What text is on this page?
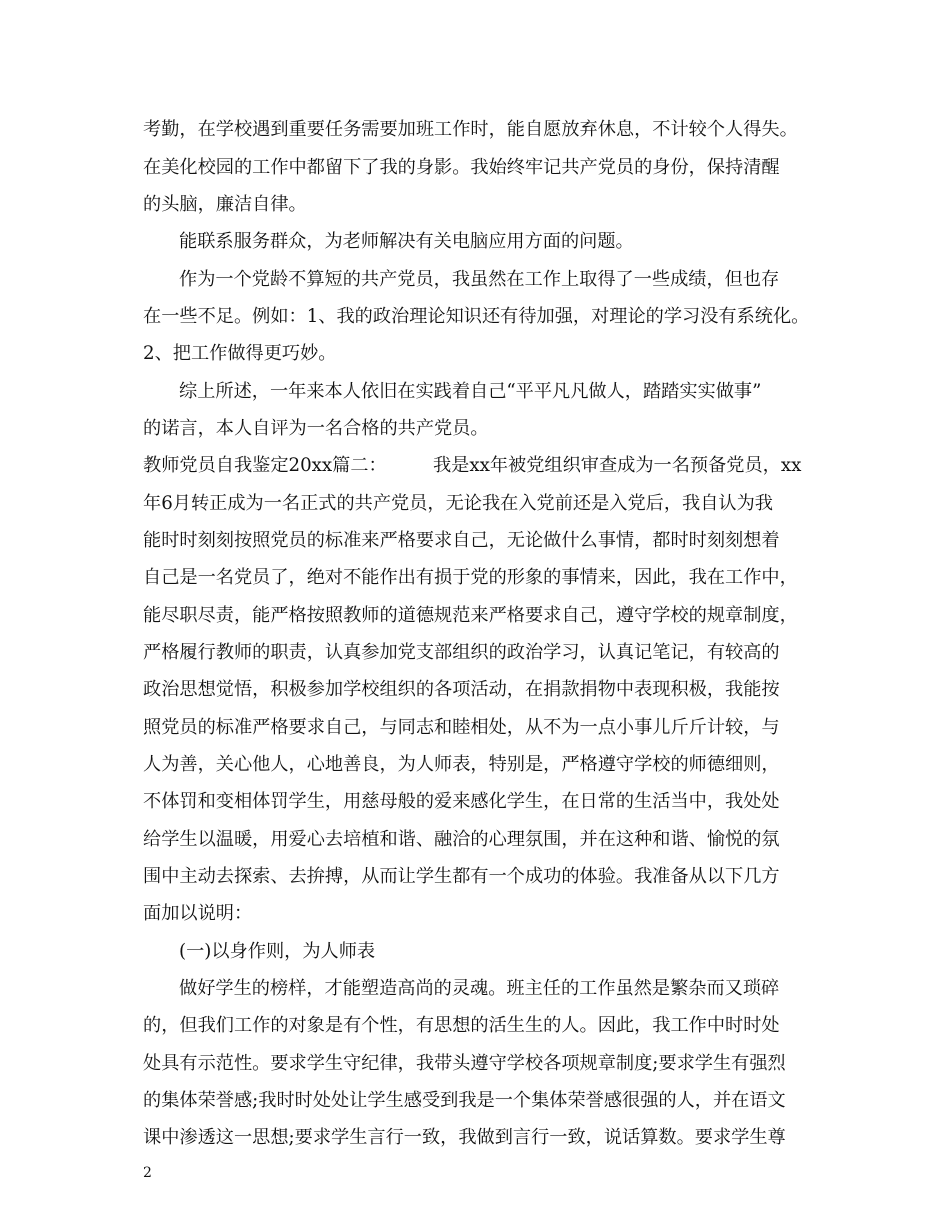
考勤，在学校遇到重要任务需要加班工作时，能自愿放弃休息，不计较个人得失。
在美化校园的工作中都留下了我的身影。我始终牢记共产党员的身份，保持清醒
的头脑，廉洁自律。
能联系服务群众，为老师解决有关电脑应用方面的问题。
作为一个党龄不算短的共产党员，我虽然在工作上取得了一些成绩，但也存
在一些不足。例如：1、我的政治理论知识还有待加强，对理论的学习没有系统化。
2、把工作做得更巧妙。
综上所述，一年来本人依旧在实践着自己“平平凡凡做人，踏踏实实做事”
的诺言，本人自评为一名合格的共产党员。
教师党员自我鉴定20xx篇二：        我是xx年被党组织审查成为一名预备党员，xx
年6月转正成为一名正式的共产党员，无论我在入党前还是入党后，我自认为我
能时时刻刻按照党员的标准来严格要求自己，无论做什么事情，都时时刻刻想着
自己是一名党员了，绝对不能作出有损于党的形象的事情来，因此，我在工作中，
能尽职尽责，能严格按照教师的道德规范来严格要求自己，遵守学校的规章制度，
严格履行教师的职责，认真参加党支部组织的政治学习，认真记笔记，有较高的
政治思想觉悟，积极参加学校组织的各项活动，在捐款捐物中表现积极，我能按
照党员的标准严格要求自己，与同志和睦相处，从不为一点小事儿斤斤计较，与
人为善，关心他人，心地善良，为人师表，特别是，严格遵守学校的师德细则，
不体罚和变相体罚学生，用慈母般的爱来感化学生，在日常的生活当中，我处处
给学生以温暖，用爱心去培植和谐、融洽的心理氛围，并在这种和谐、愉悦的氛
围中主动去探索、去拚搏，从而让学生都有一个成功的体验。我准备从以下几方
面加以说明：
(一)以身作则，为人师表
做好学生的榜样，才能塑造高尚的灵魂。班主任的工作虽然是繁杂而又琐碎
的，但我们工作的对象是有个性，有思想的活生生的人。因此，我工作中时时处
处具有示范性。要求学生守纪律，我带头遵守学校各项规章制度;要求学生有强烈
的集体荣誉感;我时时处处让学生感受到我是一个集体荣誉感很强的人，并在语文
课中渗透这一思想;要求学生言行一致，我做到言行一致，说话算数。要求学生尊
2
